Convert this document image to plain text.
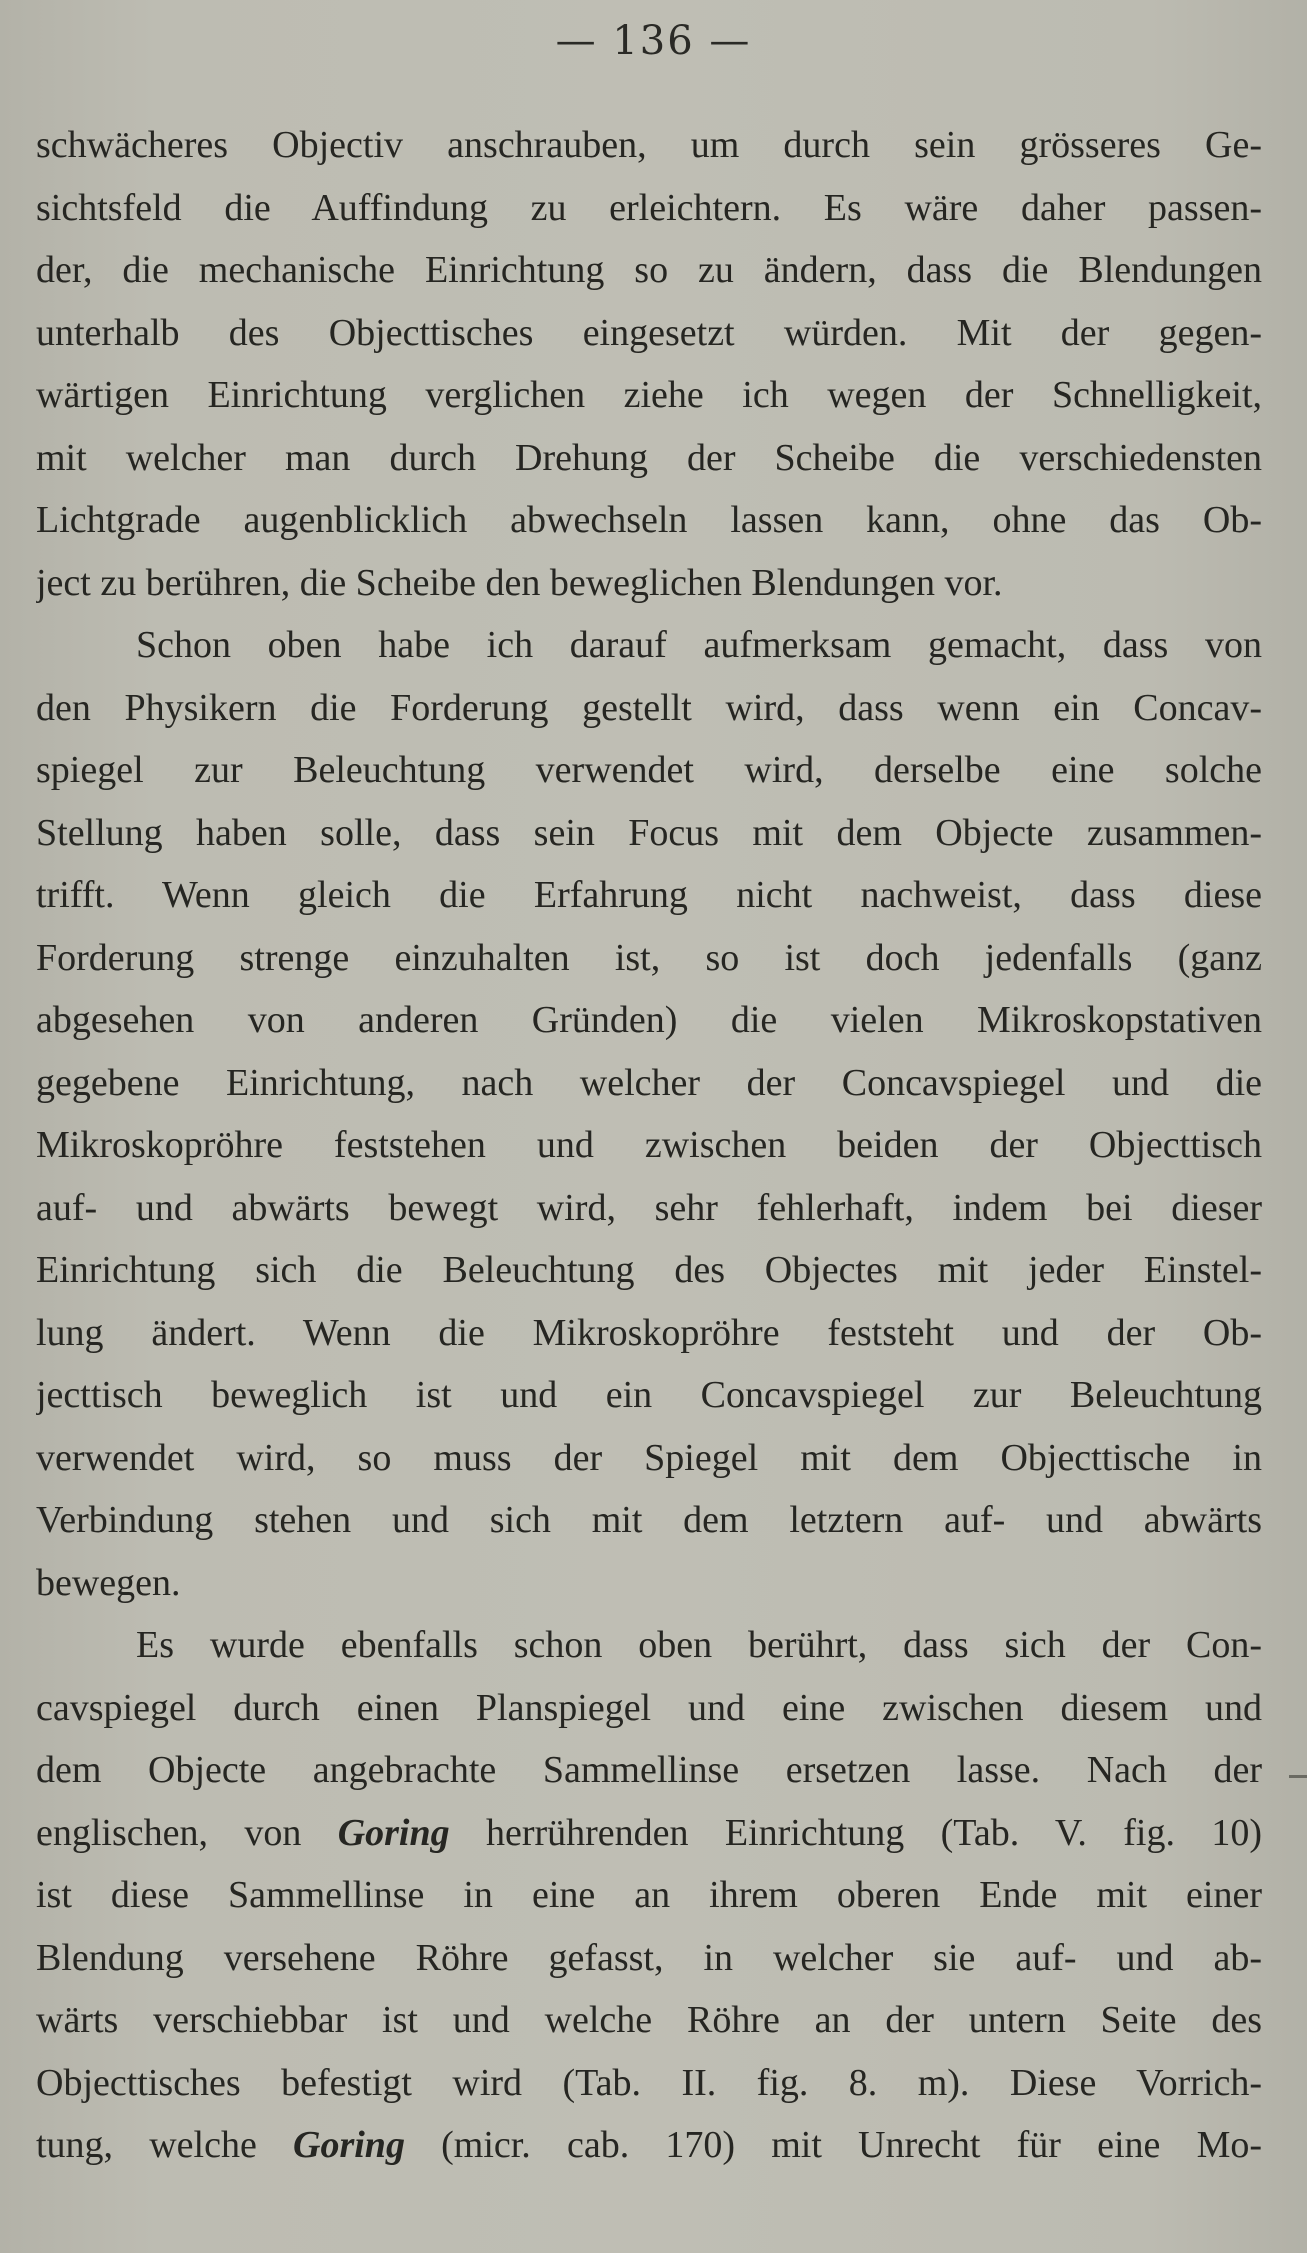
— 136 —
schwächeres Objectiv anschrauben, um durch sein grösseres Ge-
sichtsfeld die Auffindung zu erleichtern. Es wäre daher passen-
der, die mechanische Einrichtung so zu ändern, dass die Blendungen
unterhalb des Objecttisches eingesetzt würden. Mit der gegen-
wärtigen Einrichtung verglichen ziehe ich wegen der Schnelligkeit,
mit welcher man durch Drehung der Scheibe die verschiedensten
Lichtgrade augenblicklich abwechseln lassen kann, ohne das Ob-
ject zu berühren, die Scheibe den beweglichen Blendungen vor.
Schon oben habe ich darauf aufmerksam gemacht, dass von
den Physikern die Forderung gestellt wird, dass wenn ein Concav-
spiegel zur Beleuchtung verwendet wird, derselbe eine solche
Stellung haben solle, dass sein Focus mit dem Objecte zusammen-
trifft. Wenn gleich die Erfahrung nicht nachweist, dass diese
Forderung strenge einzuhalten ist, so ist doch jedenfalls (ganz
abgesehen von anderen Gründen) die vielen Mikroskopstativen
gegebene Einrichtung, nach welcher der Concavspiegel und die
Mikroskopröhre feststehen und zwischen beiden der Objecttisch
auf- und abwärts bewegt wird, sehr fehlerhaft, indem bei dieser
Einrichtung sich die Beleuchtung des Objectes mit jeder Einstel-
lung ändert. Wenn die Mikroskopröhre feststeht und der Ob-
jecttisch beweglich ist und ein Concavspiegel zur Beleuchtung
verwendet wird, so muss der Spiegel mit dem Objecttische in
Verbindung stehen und sich mit dem letztern auf- und abwärts
bewegen.
Es wurde ebenfalls schon oben berührt, dass sich der Con-
cavspiegel durch einen Planspiegel und eine zwischen diesem und
dem Objecte angebrachte Sammellinse ersetzen lasse. Nach der
englischen, von Goring herrührenden Einrichtung (Tab. V. fig. 10)
ist diese Sammellinse in eine an ihrem oberen Ende mit einer
Blendung versehene Röhre gefasst, in welcher sie auf- und ab-
wärts verschiebbar ist und welche Röhre an der untern Seite des
Objecttisches befestigt wird (Tab. II. fig. 8. m). Diese Vorrich-
tung, welche Goring (micr. cab. 170) mit Unrecht für eine Mo-
